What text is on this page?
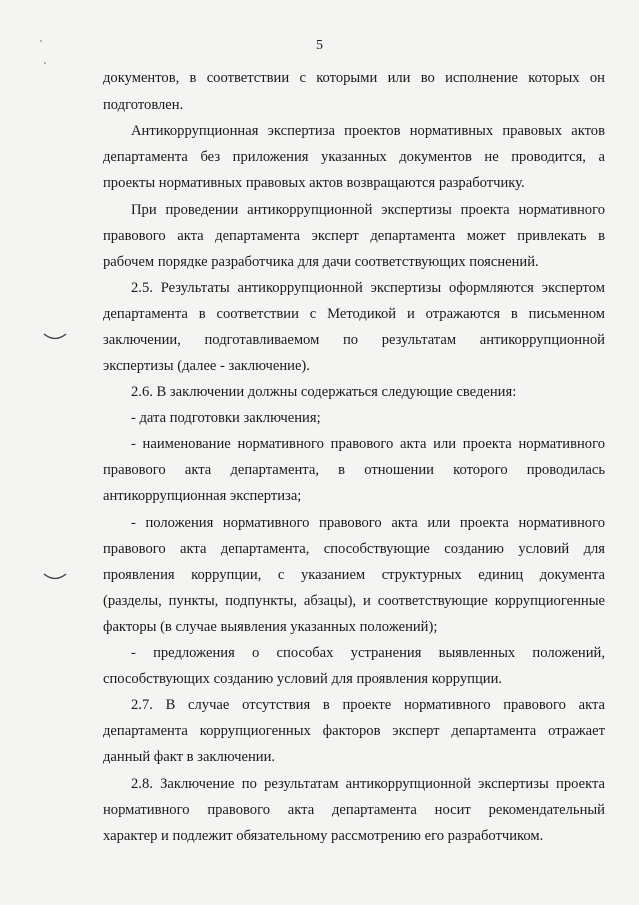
5
документов, в соответствии с которыми или во исполнение которых он
подготовлен.
Антикоррупционная экспертиза проектов нормативных правовых актов
департамента без приложения указанных документов не проводится, а
проекты нормативных правовых актов возвращаются разработчику.
При проведении антикоррупционной экспертизы проекта нормативного
правового акта департамента эксперт департамента может привлекать в
рабочем порядке разработчика для дачи соответствующих пояснений.
2.5. Результаты антикоррупционной экспертизы оформляются экспертом
департамента в соответствии с Методикой и отражаются в письменном
заключении, подготавливаемом по результатам антикоррупционной
экспертизы (далее - заключение).
2.6. В заключении должны содержаться следующие сведения:
- дата подготовки заключения;
- наименование нормативного правового акта или проекта нормативного
правового акта департамента, в отношении которого проводилась
антикоррупционная экспертиза;
- положения нормативного правового акта или проекта нормативного
правового акта департамента, способствующие созданию условий для
проявления коррупции, с указанием структурных единиц документа
(разделы, пункты, подпункты, абзацы), и соответствующие коррупциогенные
факторы (в случае выявления указанных положений);
- предложения о способах устранения выявленных положений,
способствующих созданию условий для проявления коррупции.
2.7. В случае отсутствия в проекте нормативного правового акта
департамента коррупциогенных факторов эксперт департамента отражает
данный факт в заключении.
2.8. Заключение по результатам антикоррупционной экспертизы проекта
нормативного правового акта департамента носит рекомендательный
характер и подлежит обязательному рассмотрению его разработчиком.
